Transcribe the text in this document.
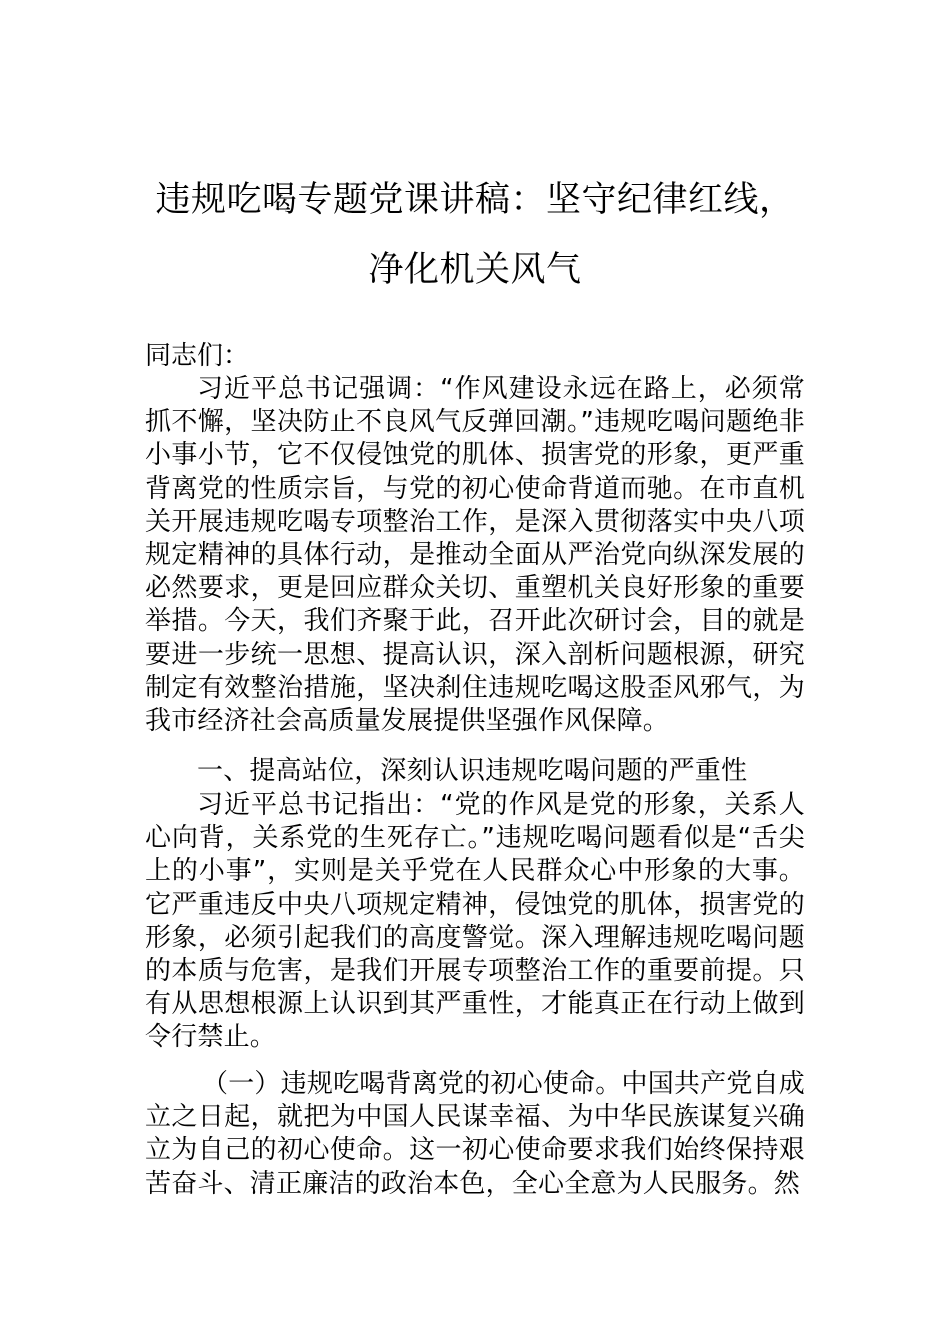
违规吃喝专题党课讲稿：坚守纪律红线，
净化机关风气
同志们：
习近平总书记强调：“作风建设永远在路上，必须常抓不懈，坚决防止不良风气反弹回潮。”违规吃喝问题绝非小事小节，它不仅侵蚀党的肌体、损害党的形象，更严重背离党的性质宗旨，与党的初心使命背道而驰。在市直机关开展违规吃喝专项整治工作，是深入贯彻落实中央八项规定精神的具体行动，是推动全面从严治党向纵深发展的必然要求，更是回应群众关切、重塑机关良好形象的重要举措。今天，我们齐聚于此，召开此次研讨会，目的就是要进一步统一思想、提高认识，深入剖析问题根源，研究制定有效整治措施，坚决刹住违规吃喝这股歪风邪气，为我市经济社会高质量发展提供坚强作风保障。
一、提高站位，深刻认识违规吃喝问题的严重性
习近平总书记指出：“党的作风是党的形象，关系人心向背，关系党的生死存亡。”违规吃喝问题看似是“舌尖上的小事”，实则是关乎党在人民群众心中形象的大事。它严重违反中央八项规定精神，侵蚀党的肌体，损害党的形象，必须引起我们的高度警觉。深入理解违规吃喝问题的本质与危害，是我们开展专项整治工作的重要前提。只有从思想根源上认识到其严重性，才能真正在行动上做到令行禁止。
（一）违规吃喝背离党的初心使命。中国共产党自成立之日起，就把为中国人民谋幸福、为中华民族谋复兴确立为自己的初心使命。这一初心使命要求我们始终保持艰苦奋斗、清正廉洁的政治本色，全心全意为人民服务。然
